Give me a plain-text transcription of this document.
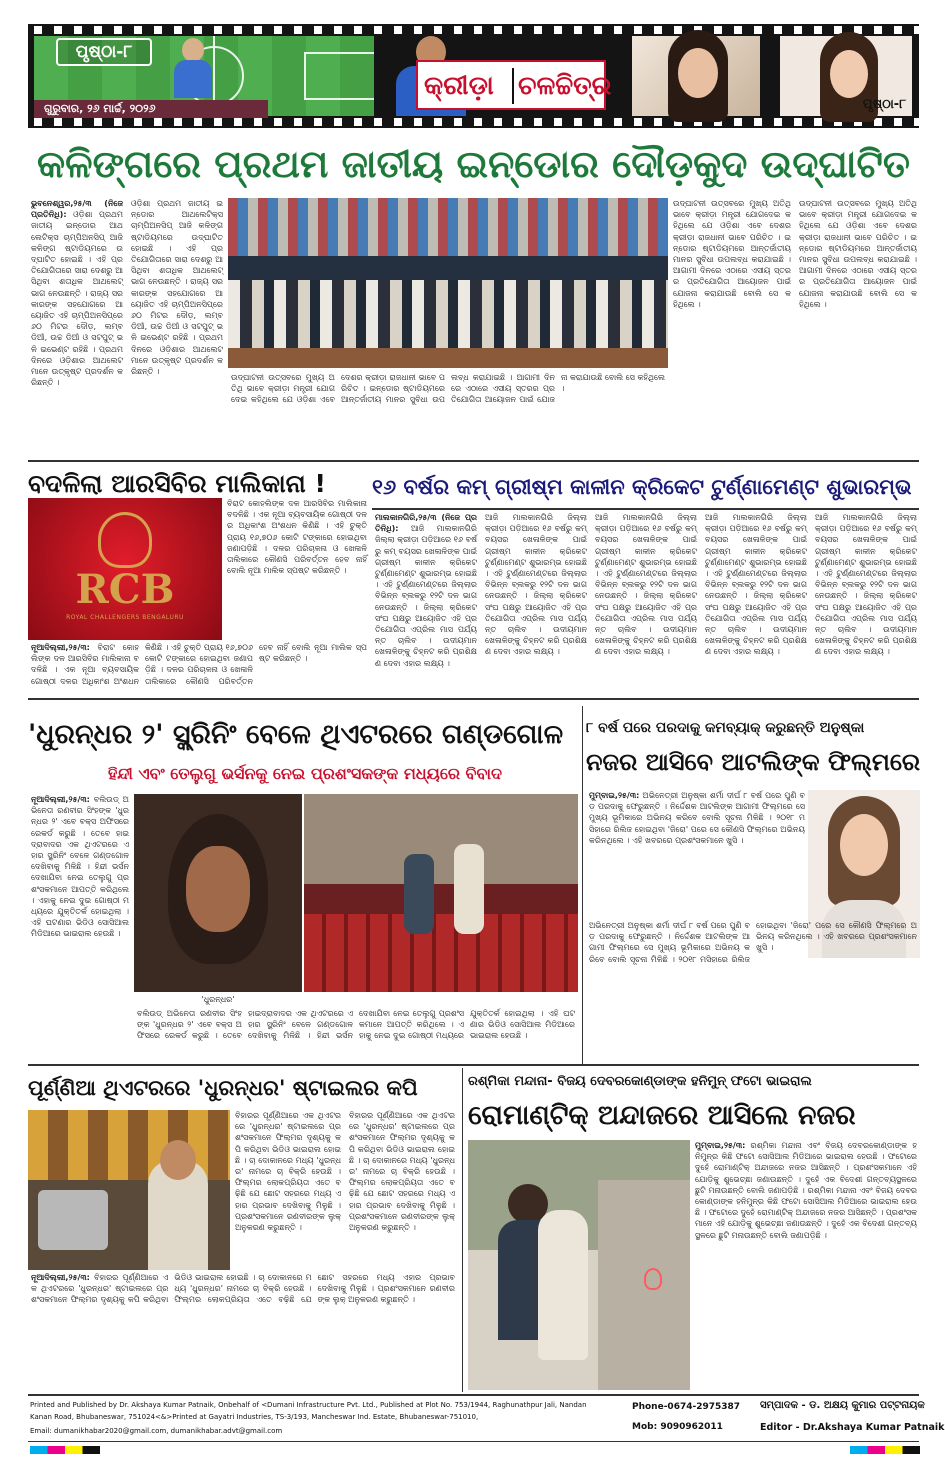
ପୃଷ୍ଠା-୮
ଗୁରୁବାର, ୨୬ ମାର୍ଚ୍ଚ, ୨୦୨୬
କ୍ରୀଡ଼ା ଚଳଚ୍ଚିତ୍ର
ପୃଷ୍ଠା-୮
କଳିଙ୍ଗରେ ପ୍ରଥମ ଜାତୀୟ ଇନ୍‌ଡୋର ଦୌଡ଼କୁଦ ଉଦ୍‌ଘାଟିତ
ଭୁବନେଶ୍ୱର,୨୫/୩ (ନିଜେ ପ୍ରତିନିଧି): ଓଡ଼ିଶା ପ୍ରଥମ ଜାତୀୟ ଇନ୍‌ଡୋର ଆଥଲେଟିକ୍ସ ଚାମ୍ପିଅନସିପ୍ ଆଜି କଳିଙ୍ଗ ଷ୍ଟାଡିୟମରେ ଉଦ୍‌ଘାଟିତ ହୋଇଛି । ଏହି ପ୍ରତିଯୋଗିତାରେ ସାରା ଦେଶରୁ ଆସିଥିବା ଶତାଧିକ ଆଥଲେଟ୍ ଭାଗ ନେଉଛନ୍ତି । ରାଜ୍ୟ ସରକାରଙ୍କ ସହଯୋଗରେ ଆୟୋଜିତ ଏହି ଚାମ୍ପିଅନସିପ୍‌ରେ ୬୦ ମିଟର ଦୌଡ଼, ଲମ୍ବ ଡିଆଁ, ଉଚ୍ଚ ଡିଆଁ ଓ ସଟପୁଟ୍ ଭଳି ଇଭେଣ୍ଟ ରହିଛି । ପ୍ରଥମ ଦିନରେ ଓଡ଼ିଶାର ଆଥଲେଟମାନେ ଉତ୍କୃଷ୍ଟ ପ୍ରଦର୍ଶନ କରିଛନ୍ତି ।
ଓଡ଼ିଶା ପ୍ରଥମ ଜାତୀୟ ଇନ୍‌ଡୋର ଆଥଲେଟିକ୍ସ ଚାମ୍ପିଅନସିପ୍ ଆଜି କଳିଙ୍ଗ ଷ୍ଟାଡିୟମରେ ଉଦ୍‌ଘାଟିତ ହୋଇଛି । ଏହି ପ୍ରତିଯୋଗିତାରେ ସାରା ଦେଶରୁ ଆସିଥିବା ଶତାଧିକ ଆଥଲେଟ୍ ଭାଗ ନେଉଛନ୍ତି । ରାଜ୍ୟ ସରକାରଙ୍କ ସହଯୋଗରେ ଆୟୋଜିତ ଏହି ଚାମ୍ପିଅନସିପ୍‌ରେ ୬୦ ମିଟର ଦୌଡ଼, ଲମ୍ବ ଡିଆଁ, ଉଚ୍ଚ ଡିଆଁ ଓ ସଟପୁଟ୍ ଭଳି ଇଭେଣ୍ଟ ରହିଛି । ପ୍ରଥମ ଦିନରେ ଓଡ଼ିଶାର ଆଥଲେଟମାନେ ଉତ୍କୃଷ୍ଟ ପ୍ରଦର୍ଶନ କରିଛନ୍ତି ।
ଉଦ୍‌ଘାଟନୀ ଉତ୍ସବରେ ମୁଖ୍ୟ ଅତିଥି ଭାବେ କ୍ରୀଡ଼ା ମନ୍ତ୍ରୀ ଯୋଗଦେଇ କହିଥିଲେ ଯେ ଓଡ଼ିଶା ଏବେ ଦେଶର କ୍ରୀଡ଼ା ରାଜଧାନୀ ଭାବେ ପରିଚିତ । ଇନ୍‌ଡୋର ଷ୍ଟାଡିୟମରେ ଆନ୍ତର୍ଜାତୀୟ ମାନର ସୁବିଧା ଉପଲବ୍ଧ କରାଯାଇଛି । ଆଗାମୀ ଦିନରେ ଏଠାରେ ଏସୀୟ ସ୍ତରର ପ୍ରତିଯୋଗିତା ଆୟୋଜନ ପାଇଁ ଯୋଜନା କରାଯାଉଛି ବୋଲି ସେ କହିଥିଲେ ।
ଉଦ୍‌ଘାଟନୀ ଉତ୍ସବରେ ମୁଖ୍ୟ ଅତିଥି ଭାବେ କ୍ରୀଡ଼ା ମନ୍ତ୍ରୀ ଯୋଗଦେଇ କହିଥିଲେ ଯେ ଓଡ଼ିଶା ଏବେ ଦେଶର କ୍ରୀଡ଼ା ରାଜଧାନୀ ଭାବେ ପରିଚିତ । ଇନ୍‌ଡୋର ଷ୍ଟାଡିୟମରେ ଆନ୍ତର୍ଜାତୀୟ ମାନର ସୁବିଧା ଉପଲବ୍ଧ କରାଯାଇଛି । ଆଗାମୀ ଦିନରେ ଏଠାରେ ଏସୀୟ ସ୍ତରର ପ୍ରତିଯୋଗିତା ଆୟୋଜନ ପାଇଁ ଯୋଜନା କରାଯାଉଛି ବୋଲି ସେ କହିଥିଲେ ।
ଉଦ୍‌ଘାଟନୀ ଉତ୍ସବରେ ମୁଖ୍ୟ ଅତିଥି ଭାବେ କ୍ରୀଡ଼ା ମନ୍ତ୍ରୀ ଯୋଗଦେଇ କହିଥିଲେ ଯେ ଓଡ଼ିଶା ଏବେ ଦେଶର କ୍ରୀଡ଼ା ରାଜଧାନୀ ଭାବେ ପରିଚିତ । ଇନ୍‌ଡୋର ଷ୍ଟାଡିୟମରେ ଆନ୍ତର୍ଜାତୀୟ ମାନର ସୁବିଧା ଉପଲବ୍ଧ କରାଯାଇଛି । ଆଗାମୀ ଦିନରେ ଏଠାରେ ଏସୀୟ ସ୍ତରର ପ୍ରତିଯୋଗିତା ଆୟୋଜନ ପାଇଁ ଯୋଜନା କରାଯାଉଛି ବୋଲି ସେ କହିଥିଲେ ।
ବଦଳିଲା ଆରସିବିର ମାଲିକାନା !
RCB
ROYAL CHALLENGERS BENGALURU
ବିରାଟ କୋହଲିଙ୍କ ଦଳ ଆରସିବିର ମାଲିକାନା ବଦଳିଛି । ଏକ ନୂଆ ବ୍ୟବସାୟିକ ଗୋଷ୍ଠୀ ଦଳର ଅଧିକାଂଶ ଅଂଶଧନ କିଣିଛି । ଏହି ଚୁକ୍ତି ପ୍ରାୟ ୧୬,୭୦୬ କୋଟି ଟଙ୍କାରେ ହୋଇଥିବା ଜଣାପଡ଼ିଛି । ଦଳର ପରିଚାଳନା ଓ ଖେଳାଳି ତାଲିକାରେ କୌଣସି ପରିବର୍ତ୍ତନ ହେବ ନାହିଁ ବୋଲି ନୂଆ ମାଲିକ ସ୍ପଷ୍ଟ କରିଛନ୍ତି ।
ନୂଆଦିଲ୍ଲୀ,୨୫/୩: ବିରାଟ କୋହଲିଙ୍କ ଦଳ ଆରସିବିର ମାଲିକାନା ବଦଳିଛି । ଏକ ନୂଆ ବ୍ୟବସାୟିକ ଗୋଷ୍ଠୀ ଦଳର ଅଧିକାଂଶ ଅଂଶଧନ କିଣିଛି । ଏହି ଚୁକ୍ତି ପ୍ରାୟ ୧୬,୭୦୬ କୋଟି ଟଙ୍କାରେ ହୋଇଥିବା ଜଣାପଡ଼ିଛି । ଦଳର ପରିଚାଳନା ଓ ଖେଳାଳି ତାଲିକାରେ କୌଣସି ପରିବର୍ତ୍ତନ ହେବ ନାହିଁ ବୋଲି ନୂଆ ମାଲିକ ସ୍ପଷ୍ଟ କରିଛନ୍ତି ।
୧୬ ବର୍ଷର କମ୍ ଗ୍ରୀଷ୍ମ କାଳୀନ କ୍ରିକେଟ ଟୁର୍ଣ୍ଣାମେଣ୍ଟ ଶୁଭାରମ୍ଭ
ମାଲକାନଗିରି,୨୫/୩ (ନିଜେ ପ୍ରତିନିଧି): ଆଜି ମାଲକାନଗିରି ଜିଲ୍ଲା କ୍ରୀଡ଼ା ପଡ଼ିଆରେ ୧୬ ବର୍ଷରୁ କମ୍ ବୟସର ଖେଳାଳିଙ୍କ ପାଇଁ ଗ୍ରୀଷ୍ମ କାଳୀନ କ୍ରିକେଟ ଟୁର୍ଣ୍ଣାମେଣ୍ଟ ଶୁଭାରମ୍ଭ ହୋଇଛି । ଏହି ଟୁର୍ଣ୍ଣାମେଣ୍ଟରେ ଜିଲ୍ଲାର ବିଭିନ୍ନ ବ୍ଲକରୁ ୧୨ଟି ଦଳ ଭାଗ ନେଉଛନ୍ତି । ଜିଲ୍ଲା କ୍ରିକେଟ ସଂଘ ପକ୍ଷରୁ ଆୟୋଜିତ ଏହି ପ୍ରତିଯୋଗିତା ଏପ୍ରିଲ ମାସ ପର୍ଯ୍ୟନ୍ତ ଚାଲିବ । ଉଦୀୟମାନ ଖେଳାଳିଙ୍କୁ ଚିହ୍ନଟ କରି ପ୍ରଶିକ୍ଷଣ ଦେବା ଏହାର ଲକ୍ଷ୍ୟ ।
ଆଜି ମାଲକାନଗିରି ଜିଲ୍ଲା କ୍ରୀଡ଼ା ପଡ଼ିଆରେ ୧୬ ବର୍ଷରୁ କମ୍ ବୟସର ଖେଳାଳିଙ୍କ ପାଇଁ ଗ୍ରୀଷ୍ମ କାଳୀନ କ୍ରିକେଟ ଟୁର୍ଣ୍ଣାମେଣ୍ଟ ଶୁଭାରମ୍ଭ ହୋଇଛି । ଏହି ଟୁର୍ଣ୍ଣାମେଣ୍ଟରେ ଜିଲ୍ଲାର ବିଭିନ୍ନ ବ୍ଲକରୁ ୧୨ଟି ଦଳ ଭାଗ ନେଉଛନ୍ତି । ଜିଲ୍ଲା କ୍ରିକେଟ ସଂଘ ପକ୍ଷରୁ ଆୟୋଜିତ ଏହି ପ୍ରତିଯୋଗିତା ଏପ୍ରିଲ ମାସ ପର୍ଯ୍ୟନ୍ତ ଚାଲିବ । ଉଦୀୟମାନ ଖେଳାଳିଙ୍କୁ ଚିହ୍ନଟ କରି ପ୍ରଶିକ୍ଷଣ ଦେବା ଏହାର ଲକ୍ଷ୍ୟ ।
ଆଜି ମାଲକାନଗିରି ଜିଲ୍ଲା କ୍ରୀଡ଼ା ପଡ଼ିଆରେ ୧୬ ବର୍ଷରୁ କମ୍ ବୟସର ଖେଳାଳିଙ୍କ ପାଇଁ ଗ୍ରୀଷ୍ମ କାଳୀନ କ୍ରିକେଟ ଟୁର୍ଣ୍ଣାମେଣ୍ଟ ଶୁଭାରମ୍ଭ ହୋଇଛି । ଏହି ଟୁର୍ଣ୍ଣାମେଣ୍ଟରେ ଜିଲ୍ଲାର ବିଭିନ୍ନ ବ୍ଲକରୁ ୧୨ଟି ଦଳ ଭାଗ ନେଉଛନ୍ତି । ଜିଲ୍ଲା କ୍ରିକେଟ ସଂଘ ପକ୍ଷରୁ ଆୟୋଜିତ ଏହି ପ୍ରତିଯୋଗିତା ଏପ୍ରିଲ ମାସ ପର୍ଯ୍ୟନ୍ତ ଚାଲିବ । ଉଦୀୟମାନ ଖେଳାଳିଙ୍କୁ ଚିହ୍ନଟ କରି ପ୍ରଶିକ୍ଷଣ ଦେବା ଏହାର ଲକ୍ଷ୍ୟ ।
ଆଜି ମାଲକାନଗିରି ଜିଲ୍ଲା କ୍ରୀଡ଼ା ପଡ଼ିଆରେ ୧୬ ବର୍ଷରୁ କମ୍ ବୟସର ଖେଳାଳିଙ୍କ ପାଇଁ ଗ୍ରୀଷ୍ମ କାଳୀନ କ୍ରିକେଟ ଟୁର୍ଣ୍ଣାମେଣ୍ଟ ଶୁଭାରମ୍ଭ ହୋଇଛି । ଏହି ଟୁର୍ଣ୍ଣାମେଣ୍ଟରେ ଜିଲ୍ଲାର ବିଭିନ୍ନ ବ୍ଲକରୁ ୧୨ଟି ଦଳ ଭାଗ ନେଉଛନ୍ତି । ଜିଲ୍ଲା କ୍ରିକେଟ ସଂଘ ପକ୍ଷରୁ ଆୟୋଜିତ ଏହି ପ୍ରତିଯୋଗିତା ଏପ୍ରିଲ ମାସ ପର୍ଯ୍ୟନ୍ତ ଚାଲିବ । ଉଦୀୟମାନ ଖେଳାଳିଙ୍କୁ ଚିହ୍ନଟ କରି ପ୍ରଶିକ୍ଷଣ ଦେବା ଏହାର ଲକ୍ଷ୍ୟ ।
ଆଜି ମାଲକାନଗିରି ଜିଲ୍ଲା କ୍ରୀଡ଼ା ପଡ଼ିଆରେ ୧୬ ବର୍ଷରୁ କମ୍ ବୟସର ଖେଳାଳିଙ୍କ ପାଇଁ ଗ୍ରୀଷ୍ମ କାଳୀନ କ୍ରିକେଟ ଟୁର୍ଣ୍ଣାମେଣ୍ଟ ଶୁଭାରମ୍ଭ ହୋଇଛି । ଏହି ଟୁର୍ଣ୍ଣାମେଣ୍ଟରେ ଜିଲ୍ଲାର ବିଭିନ୍ନ ବ୍ଲକରୁ ୧୨ଟି ଦଳ ଭାଗ ନେଉଛନ୍ତି । ଜିଲ୍ଲା କ୍ରିକେଟ ସଂଘ ପକ୍ଷରୁ ଆୟୋଜିତ ଏହି ପ୍ରତିଯୋଗିତା ଏପ୍ରିଲ ମାସ ପର୍ଯ୍ୟନ୍ତ ଚାଲିବ । ଉଦୀୟମାନ ଖେଳାଳିଙ୍କୁ ଚିହ୍ନଟ କରି ପ୍ରଶିକ୍ଷଣ ଦେବା ଏହାର ଲକ୍ଷ୍ୟ ।
'ଧୁରନ୍ଧର ୨' ସ୍କ୍ରିନିଂ ବେଳେ ଥିଏଟରରେ ଗଣ୍ଡଗୋଳ
ହିନ୍ଦୀ ଏବଂ ତେଲୁଗୁ ଭର୍ସନକୁ ନେଇ ପ୍ରଶଂସକଙ୍କ ମଧ୍ୟରେ ବିବାଦ
ନୂଆଦିଲ୍ଲୀ,୨୫/୩: ବଲିଉଡ୍ ଅଭିନେତା ରଣବୀର ସିଂହଙ୍କ 'ଧୁରନ୍ଧର ୨' ଏବେ ବକ୍ସ ଅଫିସରେ ରେକର୍ଡ କରୁଛି । ତେବେ ହାଇଦ୍ରାବାଦର ଏକ ଥିଏଟରରେ ଏହାର ସ୍କ୍ରିନିଂ ବେଳେ ଗଣ୍ଡଗୋଳ ଦେଖିବାକୁ ମିଳିଛି । ହିନ୍ଦୀ ଭର୍ସନ ଦେଖାଯିବା ନେଇ ତେଲୁଗୁ ପ୍ରଶଂସକମାନେ ଆପତ୍ତି କରିଥିଲେ । ଏହାକୁ ନେଇ ଦୁଇ ଗୋଷ୍ଠୀ ମଧ୍ୟରେ ଯୁକ୍ତିତର୍କ ହୋଇଥିଲା । ଏହି ଘଟଣାର ଭିଡିଓ ସୋସିଆଲ ମିଡିଆରେ ଭାଇରାଲ ହେଉଛି ।
'ଧୁରନ୍ଧର'
ବଲିଉଡ୍ ଅଭିନେତା ରଣବୀର ସିଂହଙ୍କ 'ଧୁରନ୍ଧର ୨' ଏବେ ବକ୍ସ ଅଫିସରେ ରେକର୍ଡ କରୁଛି । ତେବେ ହାଇଦ୍ରାବାଦର ଏକ ଥିଏଟରରେ ଏହାର ସ୍କ୍ରିନିଂ ବେଳେ ଗଣ୍ଡଗୋଳ ଦେଖିବାକୁ ମିଳିଛି । ହିନ୍ଦୀ ଭର୍ସନ ଦେଖାଯିବା ନେଇ ତେଲୁଗୁ ପ୍ରଶଂସକମାନେ ଆପତ୍ତି କରିଥିଲେ । ଏହାକୁ ନେଇ ଦୁଇ ଗୋଷ୍ଠୀ ମଧ୍ୟରେ ଯୁକ୍ତିତର୍କ ହୋଇଥିଲା । ଏହି ଘଟଣାର ଭିଡିଓ ସୋସିଆଲ ମିଡିଆରେ ଭାଇରାଲ ହେଉଛି ।
୮ ବର୍ଷ ପରେ ପରଦାକୁ କମବ୍ୟାକ୍ କରୁଛନ୍ତି ଅନୁଷ୍କା
ନଜର ଆସିବେ ଆଟଲିଙ୍କ ଫିଲ୍ମରେ
ମୁମ୍ବାଇ,୨୫/୩: ଅଭିନେତ୍ରୀ ଅନୁଷ୍କା ଶର୍ମା ଦୀର୍ଘ ୮ ବର୍ଷ ପରେ ପୁଣି ବଡ଼ ପରଦାକୁ ଫେରୁଛନ୍ତି । ନିର୍ଦ୍ଦେଶକ ଆଟଲିଙ୍କ ଆଗାମୀ ଫିଲ୍ମରେ ସେ ମୁଖ୍ୟ ଭୂମିକାରେ ଅଭିନୟ କରିବେ ବୋଲି ସୂଚନା ମିଳିଛି । ୨୦୧୮ ମସିହାରେ ରିଲିଜ ହୋଇଥିବା 'ଜିରୋ' ପରେ ସେ କୌଣସି ଫିଲ୍ମରେ ଅଭିନୟ କରିନଥିଲେ । ଏହି ଖବରରେ ପ୍ରଶଂସକମାନେ ଖୁସି ।
ଅଭିନେତ୍ରୀ ଅନୁଷ୍କା ଶର୍ମା ଦୀର୍ଘ ୮ ବର୍ଷ ପରେ ପୁଣି ବଡ଼ ପରଦାକୁ ଫେରୁଛନ୍ତି । ନିର୍ଦ୍ଦେଶକ ଆଟଲିଙ୍କ ଆଗାମୀ ଫିଲ୍ମରେ ସେ ମୁଖ୍ୟ ଭୂମିକାରେ ଅଭିନୟ କରିବେ ବୋଲି ସୂଚନା ମିଳିଛି । ୨୦୧୮ ମସିହାରେ ରିଲିଜ ହୋଇଥିବା 'ଜିରୋ' ପରେ ସେ କୌଣସି ଫିଲ୍ମରେ ଅଭିନୟ କରିନଥିଲେ । ଏହି ଖବରରେ ପ୍ରଶଂସକମାନେ ଖୁସି ।
ପୂର୍ଣ୍ଣିଆ ଥିଏଟରରେ 'ଧୁରନ୍ଧର' ଷ୍ଟାଇଲର କପି
ବିହାରର ପୂର୍ଣ୍ଣିଆରେ ଏକ ଥିଏଟରରେ 'ଧୁରନ୍ଧର' ଷ୍ଟାଇଲରେ ପ୍ରଶଂସକମାନେ ଫିଲ୍ମର ଦୃଶ୍ୟକୁ କପି କରିଥିବା ଭିଡିଓ ଭାଇରାଲ ହୋଇଛି । ଚା ଦୋକାନରେ ମଧ୍ୟ 'ଧୁରନ୍ଧର' ନାମରେ ଚା ବିକ୍ରି ହେଉଛି । ଫିଲ୍ମର ଲୋକପ୍ରିୟତା ଏତେ ବଢ଼ିଛି ଯେ ଛୋଟ ସହରରେ ମଧ୍ୟ ଏହାର ପ୍ରଭାବ ଦେଖିବାକୁ ମିଳୁଛି । ପ୍ରଶଂସକମାନେ ରଣବୀରଙ୍କ ଲୁକ୍ ଅନୁକରଣ କରୁଛନ୍ତି ।
ବିହାରର ପୂର୍ଣ୍ଣିଆରେ ଏକ ଥିଏଟରରେ 'ଧୁରନ୍ଧର' ଷ୍ଟାଇଲରେ ପ୍ରଶଂସକମାନେ ଫିଲ୍ମର ଦୃଶ୍ୟକୁ କପି କରିଥିବା ଭିଡିଓ ଭାଇରାଲ ହୋଇଛି । ଚା ଦୋକାନରେ ମଧ୍ୟ 'ଧୁରନ୍ଧର' ନାମରେ ଚା ବିକ୍ରି ହେଉଛି । ଫିଲ୍ମର ଲୋକପ୍ରିୟତା ଏତେ ବଢ଼ିଛି ଯେ ଛୋଟ ସହରରେ ମଧ୍ୟ ଏହାର ପ୍ରଭାବ ଦେଖିବାକୁ ମିଳୁଛି । ପ୍ରଶଂସକମାନେ ରଣବୀରଙ୍କ ଲୁକ୍ ଅନୁକରଣ କରୁଛନ୍ତି ।
ନୂଆଦିଲ୍ଲୀ,୨୫/୩: ବିହାରର ପୂର୍ଣ୍ଣିଆରେ ଏକ ଥିଏଟରରେ 'ଧୁରନ୍ଧର' ଷ୍ଟାଇଲରେ ପ୍ରଶଂସକମାନେ ଫିଲ୍ମର ଦୃଶ୍ୟକୁ କପି କରିଥିବା ଭିଡିଓ ଭାଇରାଲ ହୋଇଛି । ଚା ଦୋକାନରେ ମଧ୍ୟ 'ଧୁରନ୍ଧର' ନାମରେ ଚା ବିକ୍ରି ହେଉଛି । ଫିଲ୍ମର ଲୋକପ୍ରିୟତା ଏତେ ବଢ଼ିଛି ଯେ ଛୋଟ ସହରରେ ମଧ୍ୟ ଏହାର ପ୍ରଭାବ ଦେଖିବାକୁ ମିଳୁଛି । ପ୍ରଶଂସକମାନେ ରଣବୀରଙ୍କ ଲୁକ୍ ଅନୁକରଣ କରୁଛନ୍ତି ।
ରଶ୍ମିକା ମନ୍ଦାନା- ବିଜୟ ଦେବରକୋଣ୍ଡାଙ୍କ ହନିମୁନ୍ ଫଟୋ ଭାଇରାଲ
ରୋମାଣ୍ଟିକ୍ ଅନ୍ଦାଜରେ ଆସିଲେ ନଜର
ମୁମ୍ବାଇ,୨୫/୩: ରଶ୍ମିକା ମନ୍ଦାନା ଏବଂ ବିଜୟ ଦେବରକୋଣ୍ଡାଙ୍କ ହନିମୁନ୍‌ର କିଛି ଫଟୋ ସୋସିଆଲ ମିଡିଆରେ ଭାଇରାଲ ହେଉଛି । ଫଟୋରେ ଦୁହେଁ ରୋମାଣ୍ଟିକ୍ ଅନ୍ଦାଜରେ ନଜର ଆସିଛନ୍ତି । ପ୍ରଶଂସକମାନେ ଏହି ଯୋଡ଼ିକୁ ଶୁଭେଚ୍ଛା ଜଣାଉଛନ୍ତି । ଦୁହେଁ ଏକ ବିଦେଶୀ ଗନ୍ତବ୍ୟସ୍ଥଳରେ ଛୁଟି ମନାଉଛନ୍ତି ବୋଲି ଜଣାପଡ଼ିଛି । ରଶ୍ମିକା ମନ୍ଦାନା ଏବଂ ବିଜୟ ଦେବରକୋଣ୍ଡାଙ୍କ ହନିମୁନ୍‌ର କିଛି ଫଟୋ ସୋସିଆଲ ମିଡିଆରେ ଭାଇରାଲ ହେଉଛି । ଫଟୋରେ ଦୁହେଁ ରୋମାଣ୍ଟିକ୍ ଅନ୍ଦାଜରେ ନଜର ଆସିଛନ୍ତି । ପ୍ରଶଂସକମାନେ ଏହି ଯୋଡ଼ିକୁ ଶୁଭେଚ୍ଛା ଜଣାଉଛନ୍ତି । ଦୁହେଁ ଏକ ବିଦେଶୀ ଗନ୍ତବ୍ୟସ୍ଥଳରେ ଛୁଟି ମନାଉଛନ୍ତି ବୋଲି ଜଣାପଡ଼ିଛି ।
Printed and Published by Dr. Akshaya Kumar Patnaik, Onbehalf of <Dumani Infrastructure Pvt. Ltd., Published at Plot No. 753/1944, Raghunathpur Jali, Nandan
Kanan Road, Bhubaneswar, 751024<&>Printed at Gayatri Industries, TS-3/193, Mancheswar Ind. Estate, Bhubaneswar-751010,
Email: dumanikhabar2020@gmail.com, dumanikhabar.advt@gmail.com
Phone-0674-2975387
Mob: 9090962011
ସମ୍ପାଦକ - ଡ. ଅକ୍ଷୟ କୁମାର ପଟ୍ଟନାୟକ
Editor - Dr.Akshaya Kumar Patnaik
